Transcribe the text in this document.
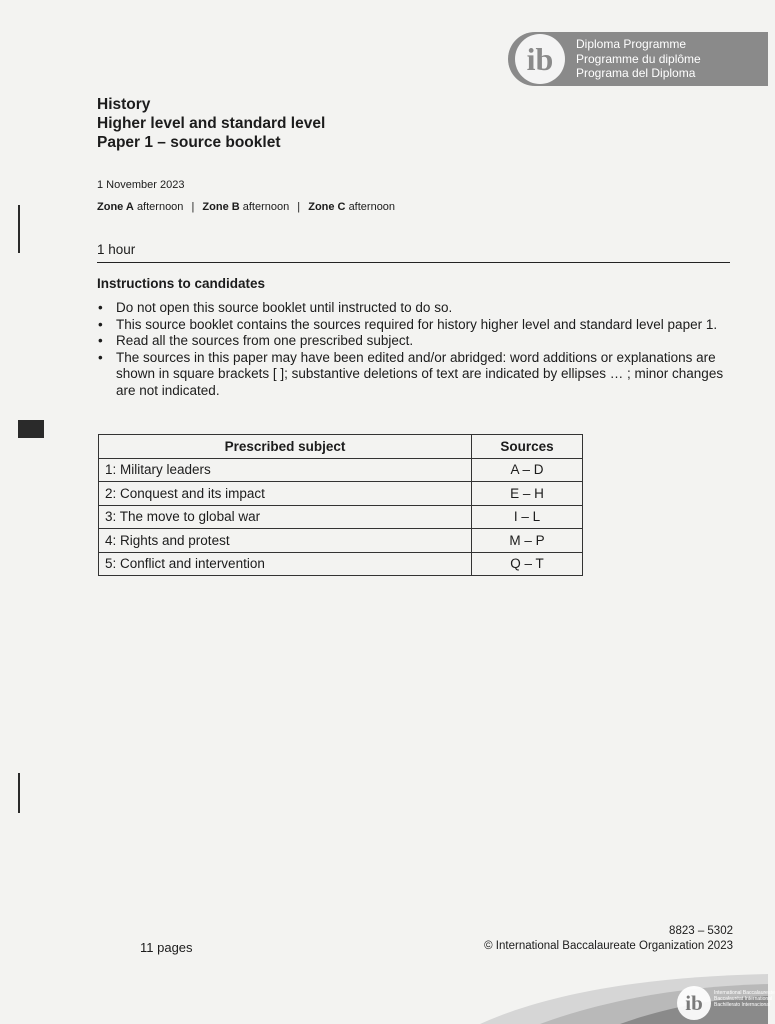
ib Diploma Programme
Programme du diplôme
Programa del Diploma
History
Higher level and standard level
Paper 1 – source booklet
1 November 2023
Zone A afternoon | Zone B afternoon | Zone C afternoon
1 hour
Instructions to candidates
• Do not open this source booklet until instructed to do so.
• This source booklet contains the sources required for history higher level and standard level paper 1.
• Read all the sources from one prescribed subject.
• The sources in this paper may have been edited and/or abridged: word additions or explanations are shown in square brackets [ ]; substantive deletions of text are indicated by ellipses … ; minor changes are not indicated.
Prescribed subject	Sources
1: Military leaders	A – D
2: Conquest and its impact	E – H
3: The move to global war	I – L
4: Rights and protest	M – P
5: Conflict and intervention	Q – T
8823 – 5302
11 pages	© International Baccalaureate Organization 2023
ib International Baccalaureate
Baccalauréat International
Bachillerato Internacional
